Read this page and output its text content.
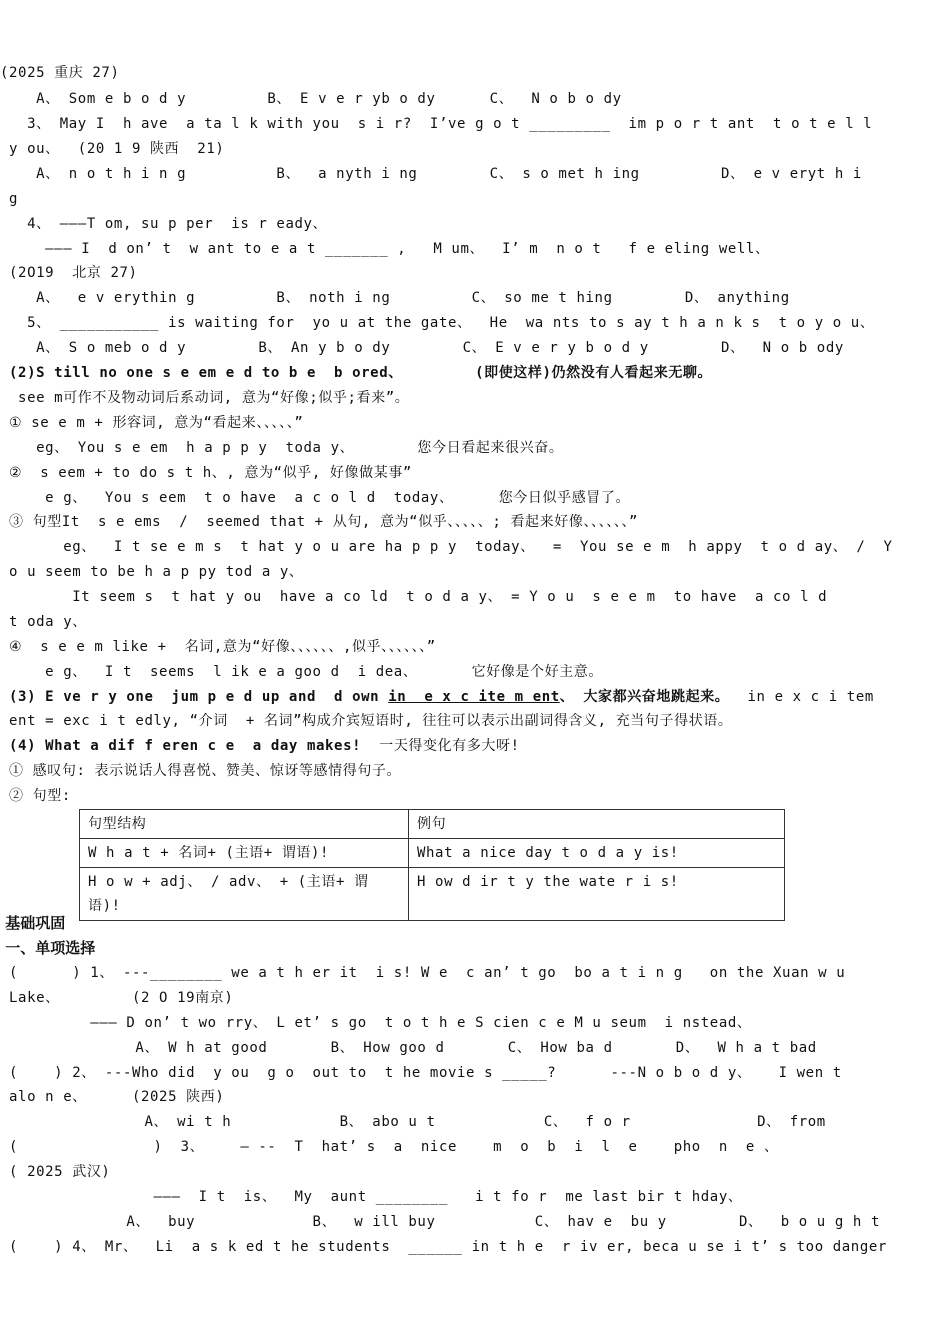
(2025 重庆 27)
A、 Som e b o d y         B、 E v e r yb o dy      C、  N o b o dy
3、 May I  h ave  a ta l k with you  s i r?  I’ve g o t _________  im p o r t ant  t o t e l l
y ou、  (20 1 9 陕西  21)
A、 n o t h i n g          B、  a nyth i ng        C、 s o met h ing         D、 e v eryt h i
g
4、 ———T om, su p per  is r eady、
——— I  d on’ t  w ant to e a t _______ ,   M um、  I’ m  n o t   f e eling well、
(2O19  北京 27)
A、  e v erythin g         B、 noth i ng         C、 so me t hing        D、 anything
5、 ___________ is waiting for  yo u at the gate、  He  wa nts to s ay t h a n k s  t o y o u、
A、 S o meb o d y        B、 An y b o dy        C、 E v e r y b o d y        D、  N o b ody
(2)S till no one s e em e d to b e  b ored、        (即使这样)仍然没有人看起来无聊。
see m可作不及物动词后系动词, 意为“好像;似乎;看来”。
① se e m + 形容词, 意为“看起来、、、、、”
eg、 You s e em  h a p p y  toda y、       您今日看起来很兴奋。
②  s eem + to do s t h、, 意为“似乎, 好像做某事”
e g、  You s eem  t o have  a c o l d  today、     您今日似乎感冒了。
③ 句型It  s e ems  /  seemed that + 从句, 意为“似乎、、、、、; 看起来好像、、、、、、”
eg、  I t se e m s  t hat y o u are ha p p y  today、  =  You se e m  h appy  t o d ay、 /  Y
o u seem to be h a p py tod a y、
It seem s  t hat y ou  have a co ld  t o d a y、 = Y o u  s e e m  to have  a co l d
t oda y、
④  s e e m like +  名词,意为“好像、、、、、、,似乎、、、、、、”
e g、  I t  seems  l ik e a goo d  i dea、      它好像是个好主意。
(3) E ve r y one  jum p e d up and  d own in  e x c ite m ent、 大家都兴奋地跳起来。  in e x c i tem
ent = exc i t edly, “介词  + 名词”构成介宾短语时, 往往可以表示出副词得含义, 充当句子得状语。
(4) What a dif f eren c e  a day makes!  一天得变化有多大呀!
① 感叹句: 表示说话人得喜悦、赞美、惊讶等感情得句子。
② 句型:
句型结构	例句
W h a t + 名词+ (主语+ 谓语)!	What a nice day t o d a y is!
H o w + adj、 / adv、 + (主语+ 谓语)!	H ow d ir t y the wate r i s!
基础巩固
一、单项选择
(      ) 1、 ---________ we a t h er it  i s! W e  c an’ t go  bo a t i n g   on the Xuan w u
Lake、        (2 O 19南京)
——— D on’ t wo rry、 L et’ s go  t o t h e S cien c e M u seum  i nstead、
A、 W h at good       B、 How goo d       C、 How ba d       D、  W h a t bad
(    ) 2、 ---Who did  y ou  g o  out to  t he movie s _____?      ---N o b o d y、   I wen t
alo n e、     (2025 陕西)
A、 wi t h            B、 abo u t            C、  f o r              D、 from
(               )  3、    — --  T  hat’ s  a  nice    m  o  b  i  l  e    pho  n  e 、
( 2025 武汉)
———  I t  is、  My  aunt ________   i t fo r  me last bir t hday、
A、  buy             B、  w ill buy           C、 hav e  bu y        D、  b o u g h t
(    ) 4、 Mr、  Li  a s k ed t he students  ______ in t h e  r iv er, beca u se i t’ s too danger
